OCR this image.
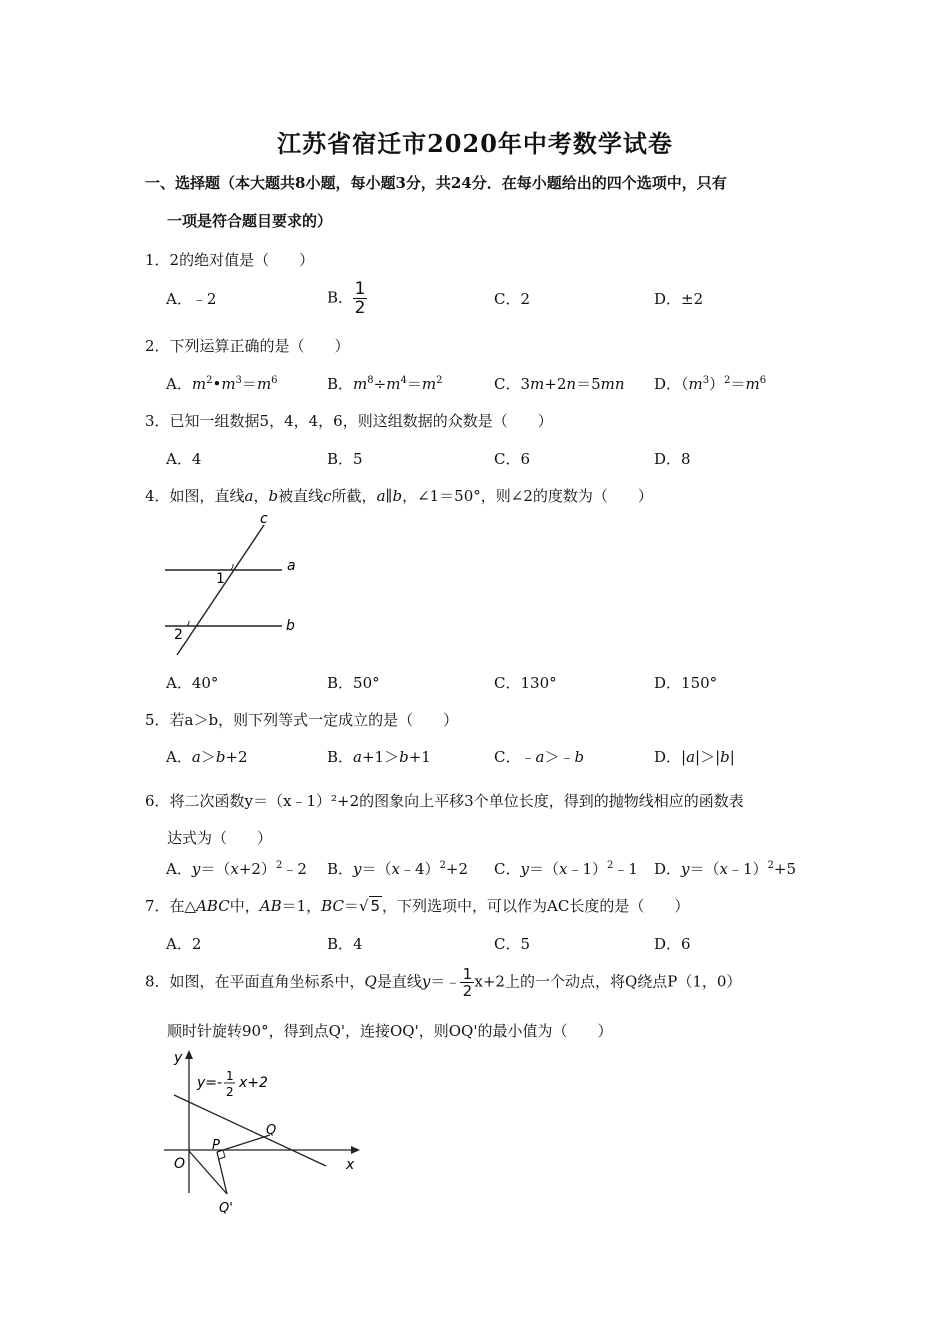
江苏省宿迁市2020年中考数学试卷
一、选择题（本大题共8小题，每小题3分，共24分．在每小题给出的四个选项中，只有
一项是符合题目要求的）
1．2的绝对值是（　　）
A．﹣2	B． $\frac{1}{2}$	C．2	D．±2
2．下列运算正确的是（　　）
A．$m^2•m^3=m^6$	B．$m^8\div m^4=m^2$	C．3m+2n＝5mn D．$(m^3)^2=m^6$
3．已知一组数据5，4，4，6，则这组数据的众数是（　　）
A．4	B．5	C．6	D．8
4．如图，直线a，b被直线c所截，a∥b，∠1＝50°，则∠2的度数为（　　）
c
a
b
1
2
A．40°	B．50°	C．130°	D．150°
5．若a＞b，则下列等式一定成立的是（　　）
A．a＞b+2	B．a+1＞b+1	C．﹣a＞﹣b	D．|a|＞|b|
6．将二次函数y＝（x﹣1）²+2的图象向上平移3个单位长度，得到的抛物线相应的函数表
达式为（　　）
A．$y=(x+2)^2﹣2$ B．y＝（x﹣4）$^2$+2 C．y＝（x﹣1）$^2$﹣1 D．y＝（x﹣1）$^2$+5
7．在△ABC中，AB＝1，BC＝√ 5 ，下列选项中，可以作为AC长度的是（　　）
A．2	B．4	C．5	D．6
8．如图，在平面直角坐标系中，Q是直线y＝﹣ $\frac{1}{2} x+2$上的一个动点，将Q绕点P（1，0）
顺时针旋转90°，得到点Q'，连接OQ'，则OQ'的最小值为（　　）
y
x
O
P
Q
Q'
y=- 1
2
x+2
